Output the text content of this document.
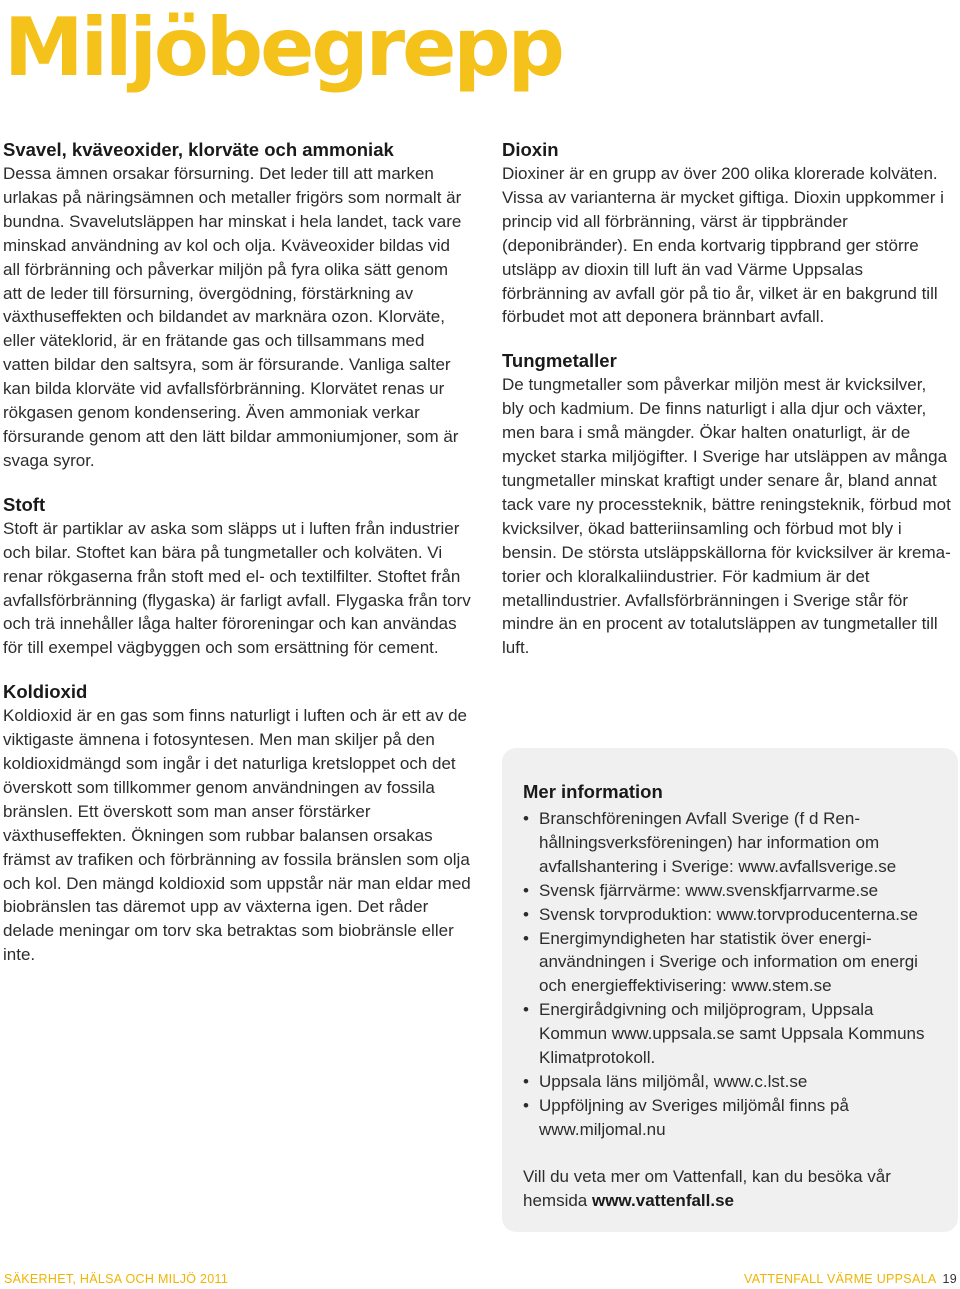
Miljöbegrepp
Svavel, kväveoxider, klorväte och ammoniak

Dessa ämnen orsakar försurning. Det leder till att marken urlakas på näringsämnen och metaller frigörs som normalt är bundna. Svavelutsläppen har minskat i hela landet, tack vare minskad användning av kol och olja. Kväveoxider bildas vid all förbränning och påverkar miljön på fyra olika sätt genom att de leder till försurning, övergödning, förstärkning av växthuseffekten och bildandet av marknära ozon. Klorväte, eller väteklorid, är en frätande gas och tillsammans med vatten bildar den saltsyra, som är försurande. Vanliga salter kan bilda klorväte vid avfallsförbränning. Klorvätet renas ur rökgasen genom kondensering. Även ammoniak verkar försurande genom att den lätt bildar ammoniumjoner, som är svaga syror.

Stoft

Stoft är partiklar av aska som släpps ut i luften från industrier och bilar. Stoftet kan bära på tungmetaller och kolväten. Vi renar rökgaserna från stoft med el- och textilfilter. Stoftet från avfallsförbränning (flygaska) är farligt avfall. Flygaska från torv och trä innehåller låga halter föroreningar och kan användas för till exempel vägbyggen och som ersättning för cement.

Koldioxid

Koldioxid är en gas som finns naturligt i luften och är ett av de viktigaste ämnena i fotosyntesen. Men man skiljer på den koldioxidmängd som ingår i det naturliga kretsloppet och det överskott som tillkommer genom användningen av fossila bränslen. Ett överskott som man anser förstärker växthuseffekten. Ökningen som rubbar balansen orsakas främst av trafiken och förbränning av fossila bränslen som olja och kol. Den mängd koldioxid som uppstår när man eldar med biobränslen tas däremot upp av växterna igen. Det råder delade meningar om torv ska betraktas som biobränsle eller inte.

Dioxin

Dioxiner är en grupp av över 200 olika klorerade kolväten. Vissa av varianterna är mycket giftiga. Dioxin uppkommer i princip vid all förbränning, värst är tippbränder (deponibränder). En enda kortvarig tippbrand ger större utsläpp av dioxin till luft än vad Värme Uppsalas förbränning av avfall gör på tio år, vilket är en bakgrund till förbudet mot att deponera brännbart avfall.

Tungmetaller

De tungmetaller som påverkar miljön mest är kvicksilver, bly och kadmium. De finns naturligt i alla djur och växter, men bara i små mängder. Ökar halten onaturligt, är de mycket starka miljögifter. I Sverige har utsläppen av många tungmetaller minskat kraftigt under senare år, bland annat tack vare ny processteknik, bättre reningsteknik, förbud mot kvicksilver, ökad batteriinsamling och förbud mot bly i bensin. De största utsläppskällorna för kvicksilver är krematorier och kloralkaliindustrier. För kadmium är det metallindustrier. Avfallsförbränningen i Sverige står för mindre än en procent av totalutsläppen av tungmetaller till luft.

Mer information
• Branschföreningen Avfall Sverige (f d Renhållningsverksföreningen) har information om avfallshantering i Sverige: www.avfallsverige.se
• Svensk fjärrvärme: www.svenskfjarrvarme.se
• Svensk torvproduktion: www.torvproducenterna.se
• Energimyndigheten har statistik över energianvändningen i Sverige och information om energi och energieffektivisering: www.stem.se
• Energirådgivning och miljöprogram, Uppsala Kommun www.uppsala.se samt Uppsala Kommuns Klimatprotokoll.
• Uppsala läns miljömål, www.c.lst.se
• Uppföljning av Sveriges miljömål finns på www.miljomal.nu

Vill du veta mer om Vattenfall, kan du besöka vår hemsida www.vattenfall.se

SÄKERHET, HÄLSA OCH MILJÖ 2011	VATTENFALL VÄRME UPPSALA 19
